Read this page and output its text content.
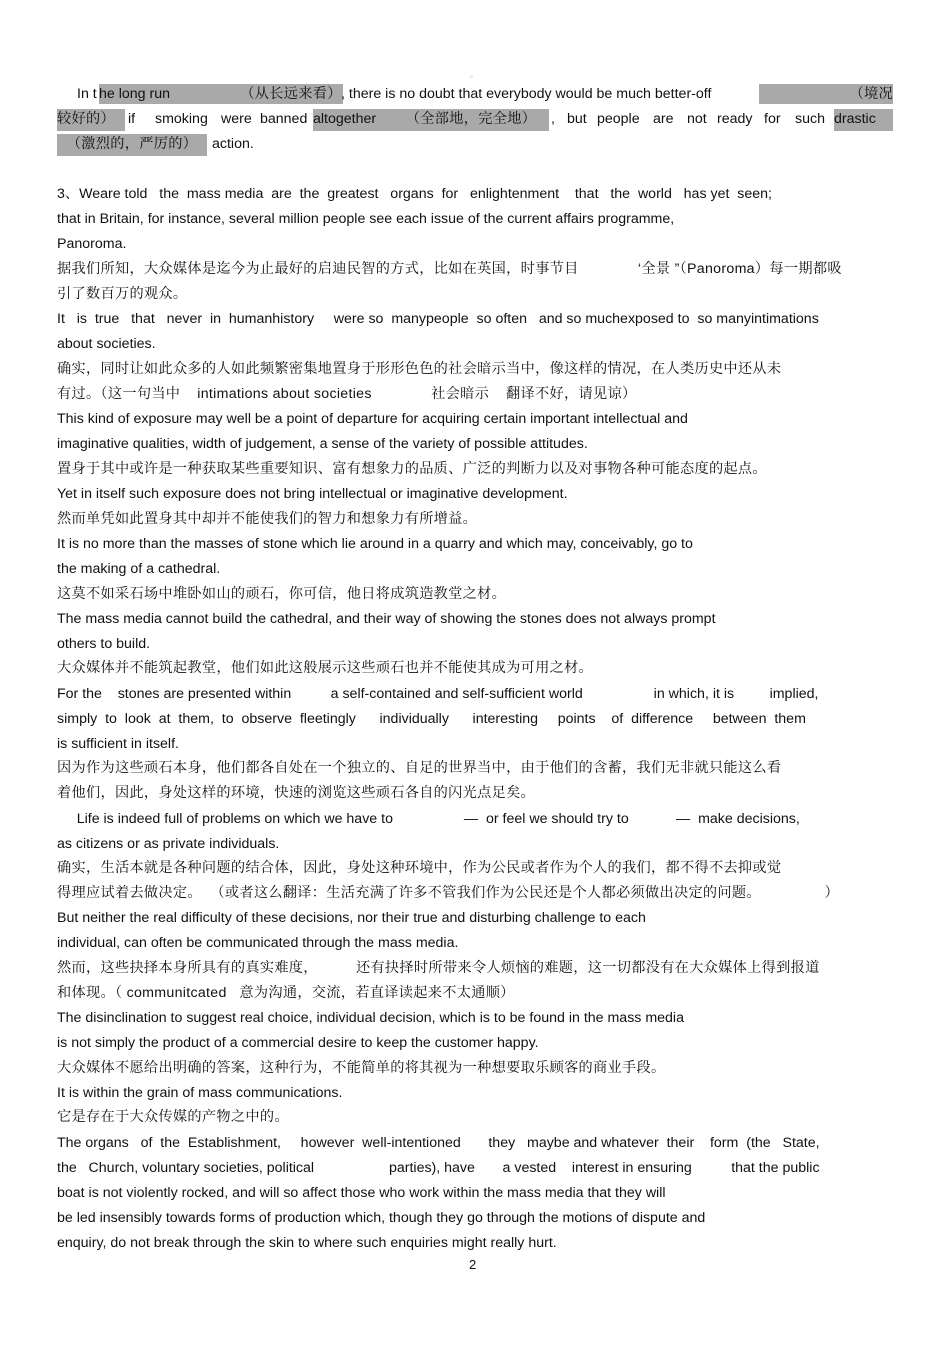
。
In t he long run	（从长远来看） , there is no doubt that everybody would be much better-off	（境况
较好的） if smoking were banned altogether	（全部地，完全地）	, but people are not ready for such drastic
（激烈的，严厉的）	action.
3、Weare told   the  mass media  are  the  greatest   organs  for   enlightenment    that   the  world   has yet  seen;
that in Britain, for instance, several million people see each issue of the current affairs programme,
Panoroma.
据我们所知，大众媒体是迄今为止最好的启迪民智的方式，比如在英国，时事节目              ‘全景 ”（Panoroma）每一期都吸
引了数百万的观众。
It   is  true   that   never  in  humanhistory     were so  manypeople  so often   and so muchexposed to  so manyintimations
about societies.
确实，同时让如此众多的人如此频繁密集地置身于形形色色的社会暗示当中，像这样的情况，在人类历史中还从未
有过。（这一句当中    intimations about societies              社会暗示    翻译不好，请见谅）
This kind of exposure may well be a point of departure for acquiring certain important intellectual and
imaginative qualities, width of judgement, a sense of the variety of possible attitudes.
置身于其中或许是一种获取某些重要知识、富有想象力的品质、广泛的判断力以及对事物各种可能态度的起点。
Yet in itself such exposure does not bring intellectual or imaginative development.
然而单凭如此置身其中却并不能使我们的智力和想象力有所增益。
It is no more than the masses of stone which lie around in a quarry and which may, conceivably, go to
the making of a cathedral.
这莫不如采石场中堆卧如山的顽石，你可信，他日将成筑造教堂之材。
The mass media cannot build the cathedral, and their way of showing the stones does not always prompt
others to build.
大众媒体并不能筑起教堂，他们如此这般展示这些顽石也并不能使其成为可用之材。
For the    stones are presented within          a self-contained and self-sufficient world                  in which, it is         implied,
simply  to  look  at  them,  to  observe  fleetingly      individually      interesting     points    of  difference     between  them
is sufficient in itself.
因为作为这些顽石本身，他们都各自处在一个独立的、自足的世界当中，由于他们的含蓄，我们无非就只能这么看
着他们，因此，身处这样的环境，快速的浏览这些顽石各自的闪光点足矣。
Life is indeed full of problems on which we have to                  —  or feel we should try to            —  make decisions,
as citizens or as private individuals.
确实，生活本就是各种问题的结合体，因此，身处这种环境中，作为公民或者作为个人的我们，都不得不去抑或觉
得理应试着去做决定。  （或者这么翻译：生活充满了许多不管我们作为公民还是个人都必须做出决定的问题。               ）
But neither the real difficulty of these decisions, nor their true and disturbing challenge to each
individual, can often be communicated through the mass media.
然而，这些抉择本身所具有的真实难度，         还有抉择时所带来令人烦恼的难题，这一切都没有在大众媒体上得到报道
和体现。（ communitcated   意为沟通，交流，若直译读起来不太通顺）
The disinclination to suggest real choice, individual decision, which is to be found in the mass media
is not simply the product of a commercial desire to keep the customer happy.
大众媒体不愿给出明确的答案，这种行为，不能简单的将其视为一种想要取乐顾客的商业手段。
It is within the grain of mass communications.
它是存在于大众传媒的产物之中的。
The organs   of  the  Establishment,     however  well-intentioned       they   maybe and whatever  their    form  (the   State,
the   Church, voluntary societies, political                   parties), have       a vested    interest in ensuring          that the public
boat is not violently rocked, and will so affect those who work within the mass media that they will
be led insensibly towards forms of production which, though they go through the motions of dispute and
enquiry, do not break through the skin to where such enquiries might really hurt.
2
